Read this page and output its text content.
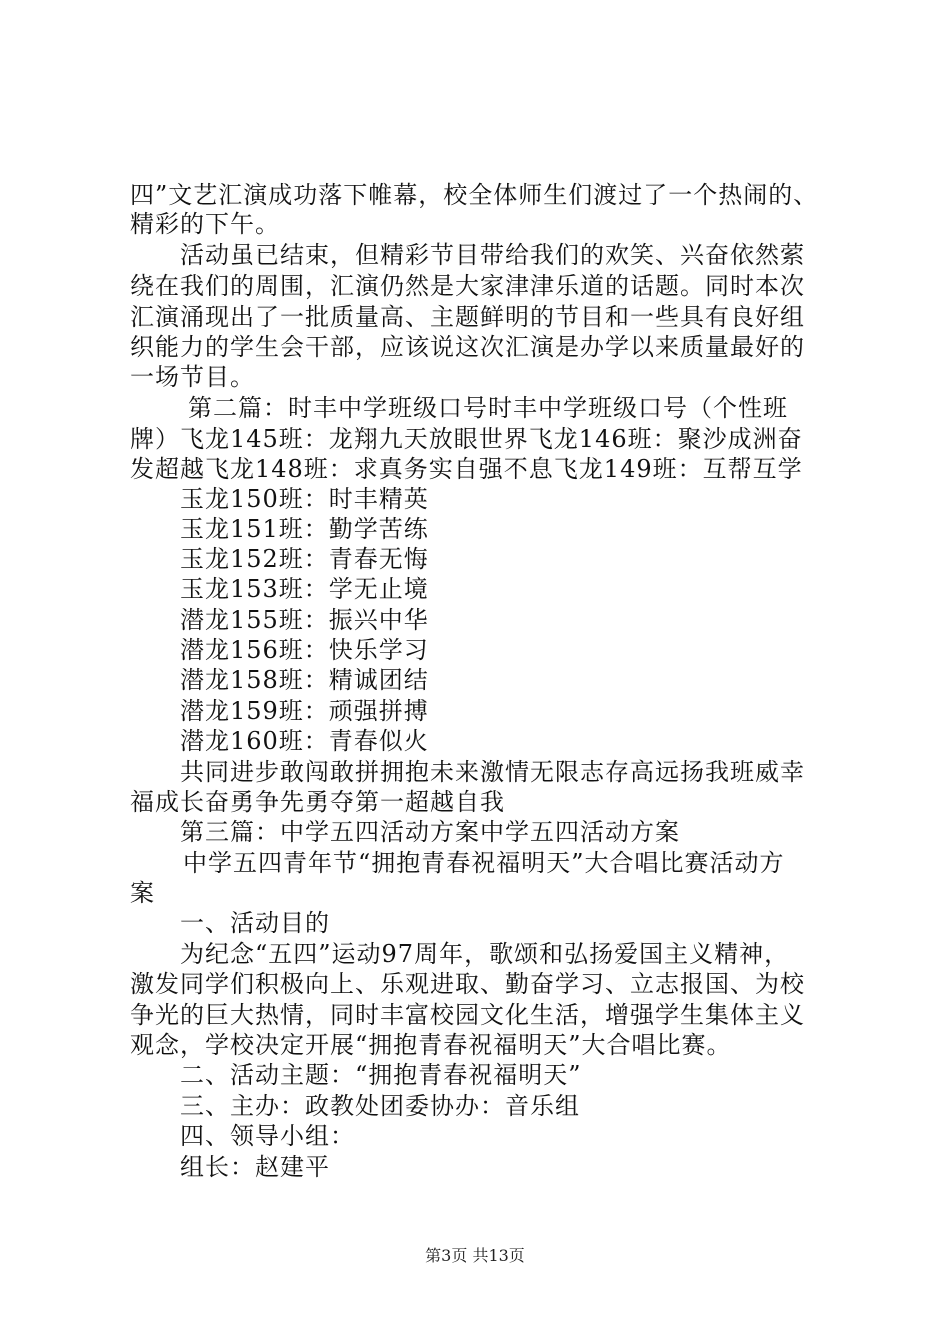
四”文艺汇演成功落下帷幕，校全体师生们渡过了一个热闹的、
精彩的下午。
活动虽已结束，但精彩节目带给我们的欢笑、兴奋依然萦
绕在我们的周围，汇演仍然是大家津津乐道的话题。同时本次
汇演涌现出了一批质量高、主题鲜明的节目和一些具有良好组
织能力的学生会干部，应该说这次汇演是办学以来质量最好的
一场节目。
第二篇：时丰中学班级口号时丰中学班级口号（个性班
牌）飞龙145班：龙翔九天放眼世界飞龙146班：聚沙成洲奋
发超越飞龙148班：求真务实自强不息飞龙149班：互帮互学
玉龙150班：时丰精英
玉龙151班：勤学苦练
玉龙152班：青春无悔
玉龙153班：学无止境
潜龙155班：振兴中华
潜龙156班：快乐学习
潜龙158班：精诚团结
潜龙159班：顽强拼搏
潜龙160班：青春似火
共同进步敢闯敢拼拥抱未来激情无限志存高远扬我班威幸
福成长奋勇争先勇夺第一超越自我
第三篇：中学五四活动方案中学五四活动方案
中学五四青年节“拥抱青春祝福明天”大合唱比赛活动方
案
一、活动目的
为纪念“五四”运动97周年，歌颂和弘扬爱国主义精神，
激发同学们积极向上、乐观进取、勤奋学习、立志报国、为校
争光的巨大热情，同时丰富校园文化生活，增强学生集体主义
观念，学校决定开展“拥抱青春祝福明天”大合唱比赛。
二、活动主题：“拥抱青春祝福明天”
三、主办：政教处团委协办：音乐组
四、领导小组：
组长：赵建平
第3页 共13页
